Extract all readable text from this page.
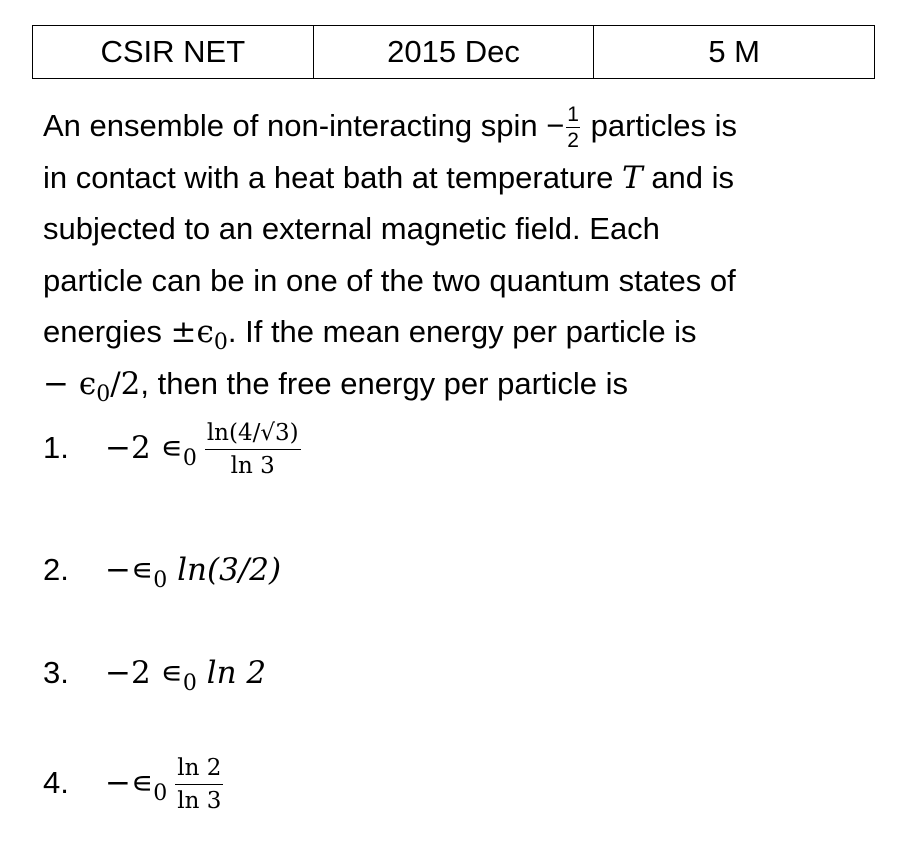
CSIR NET	2015 Dec	5 M
An ensemble of non-interacting spin − $\frac{1}{2}$ particles is
in contact with a heat bath at temperature T and is
subjected to an external magnetic field. Each
particle can be in one of the two quantum states of
energies $\pm\epsilon_0$. If the mean energy per particle is
− $\epsilon_0/2$, then the free energy per particle is
1. −2 $∊_0 \frac{\ln(4/√3)}{\ln 3}$
2. $-∊_0$ ln(3/2)
3. −2 $∊_0$ ln 2
4. $-∊_0 \frac{\ln 2}{\ln 3}$
